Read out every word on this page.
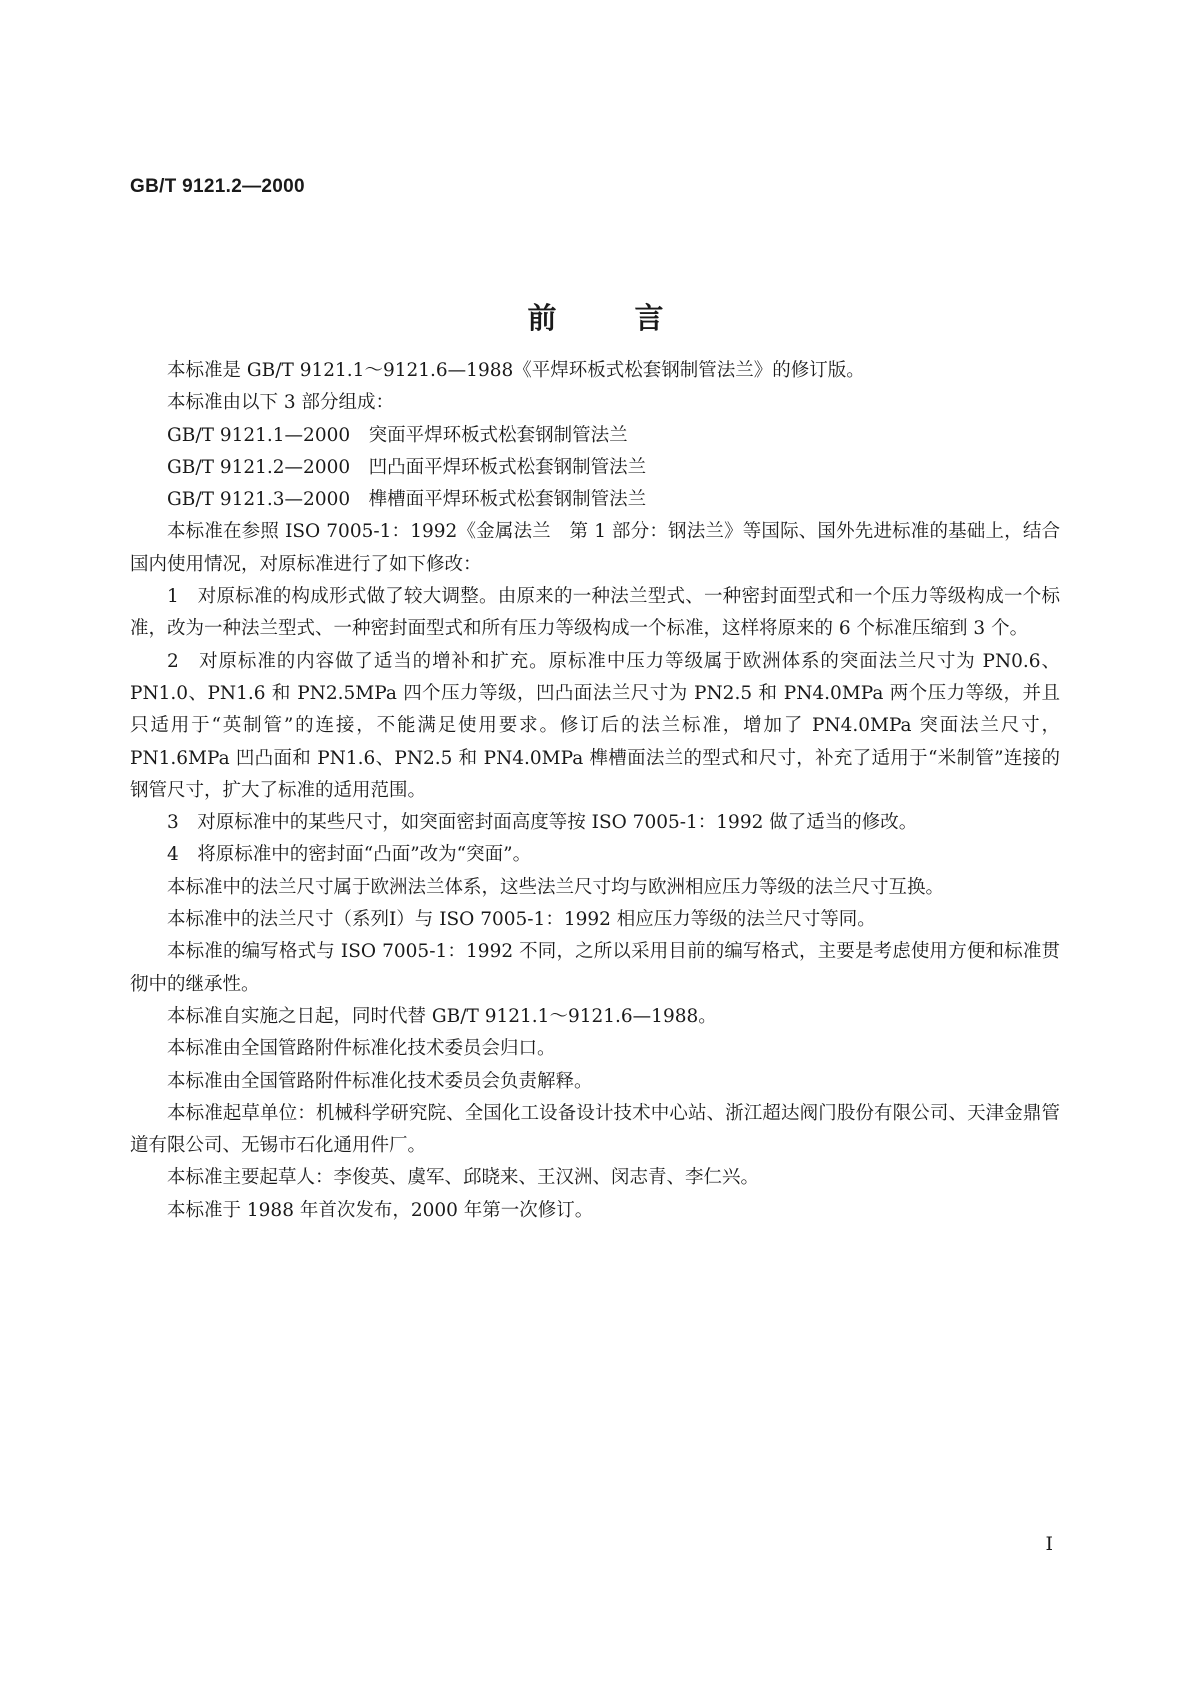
GB/T 9121.2—2000
前言

本标准是 GB/T 9121.1～9121.6—1988《平焊环板式松套钢制管法兰》的修订版。

本标准由以下 3 部分组成：

GB/T 9121.1—2000　突面平焊环板式松套钢制管法兰

GB/T 9121.2—2000　凹凸面平焊环板式松套钢制管法兰

GB/T 9121.3—2000　榫槽面平焊环板式松套钢制管法兰

本标准在参照 ISO 7005-1：1992《金属法兰　第 1 部分：钢法兰》等国际、国外先进标准的基础上，结合国内使用情况，对原标准进行了如下修改：

1　对原标准的构成形式做了较大调整。由原来的一种法兰型式、一种密封面型式和一个压力等级构成一个标准，改为一种法兰型式、一种密封面型式和所有压力等级构成一个标准，这样将原来的 6 个标准压缩到 3 个。

2　对原标准的内容做了适当的增补和扩充。原标准中压力等级属于欧洲体系的突面法兰尺寸为 PN0.6、PN1.0、PN1.6 和 PN2.5MPa 四个压力等级，凹凸面法兰尺寸为 PN2.5 和 PN4.0MPa 两个压力等级，并且只适用于“英制管”的连接，不能满足使用要求。修订后的法兰标准，增加了 PN4.0MPa 突面法兰尺寸，PN1.6MPa 凹凸面和 PN1.6、PN2.5 和 PN4.0MPa 榫槽面法兰的型式和尺寸，补充了适用于“米制管”连接的钢管尺寸，扩大了标准的适用范围。

3　对原标准中的某些尺寸，如突面密封面高度等按 ISO 7005-1：1992 做了适当的修改。

4　将原标准中的密封面“凸面”改为“突面”。

本标准中的法兰尺寸属于欧洲法兰体系，这些法兰尺寸均与欧洲相应压力等级的法兰尺寸互换。

本标准中的法兰尺寸（系列Ⅰ）与 ISO 7005-1：1992 相应压力等级的法兰尺寸等同。

本标准的编写格式与 ISO 7005-1：1992 不同，之所以采用目前的编写格式，主要是考虑使用方便和标准贯彻中的继承性。

本标准自实施之日起，同时代替 GB/T 9121.1～9121.6—1988。

本标准由全国管路附件标准化技术委员会归口。

本标准由全国管路附件标准化技术委员会负责解释。

本标准起草单位：机械科学研究院、全国化工设备设计技术中心站、浙江超达阀门股份有限公司、天津金鼎管道有限公司、无锡市石化通用件厂。

本标准主要起草人：李俊英、虞军、邱晓来、王汉洲、闵志青、李仁兴。

本标准于 1988 年首次发布，2000 年第一次修订。

I
